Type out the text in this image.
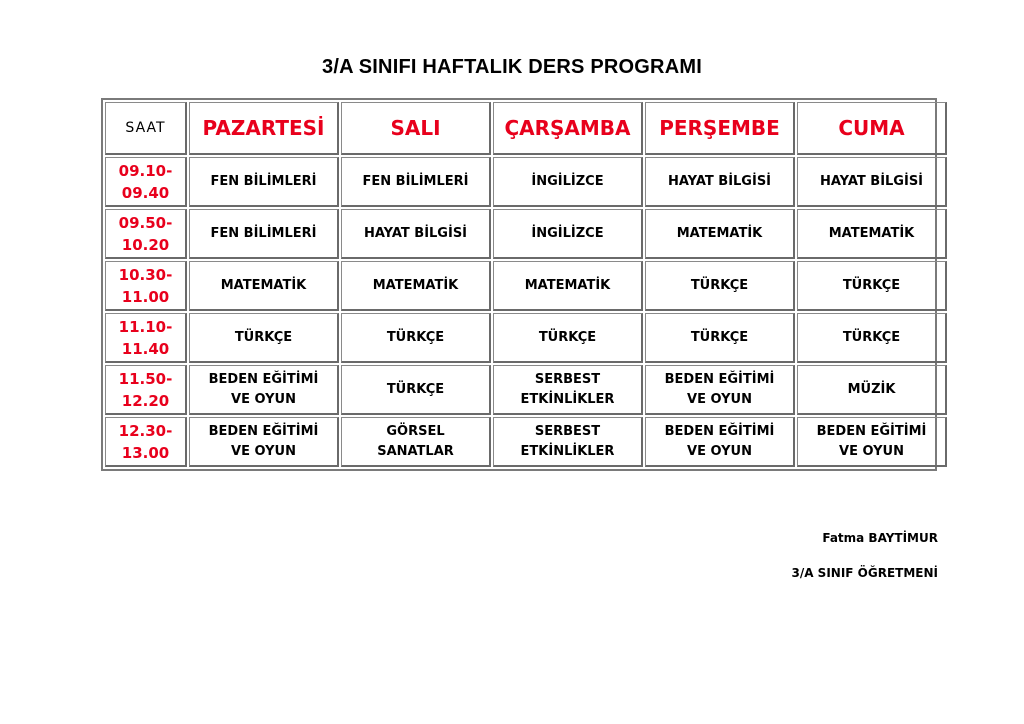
3/A SINIFI HAFTALIK DERS PROGRAMI
SAAT	PAZARTESİ	SALI	ÇARŞAMBA	PERŞEMBE	CUMA

09.10-
09.40	FEN BİLİMLERİ	FEN BİLİMLERİ	İNGİLİZCE	HAYAT BİLGİSİ	HAYAT BİLGİSİ

09.50-
10.20	FEN BİLİMLERİ	HAYAT BİLGİSİ	İNGİLİZCE	MATEMATİK	MATEMATİK

10.30-
11.00	MATEMATİK	MATEMATİK	MATEMATİK	TÜRKÇE	TÜRKÇE

11.10-
11.40	TÜRKÇE	TÜRKÇE	TÜRKÇE	TÜRKÇE	TÜRKÇE

11.50-
12.20	BEDEN EĞİTİMİ
VE OYUN	TÜRKÇE	SERBEST
ETKİNLİKLER	BEDEN EĞİTİMİ
VE OYUN	MÜZİK

12.30-
13.00	BEDEN EĞİTİMİ
VE OYUN	GÖRSEL
SANATLAR	SERBEST
ETKİNLİKLER	BEDEN EĞİTİMİ
VE OYUN	BEDEN EĞİTİMİ
VE OYUN
Fatma BAYTİMUR
3/A SINIF ÖĞRETMENİ
